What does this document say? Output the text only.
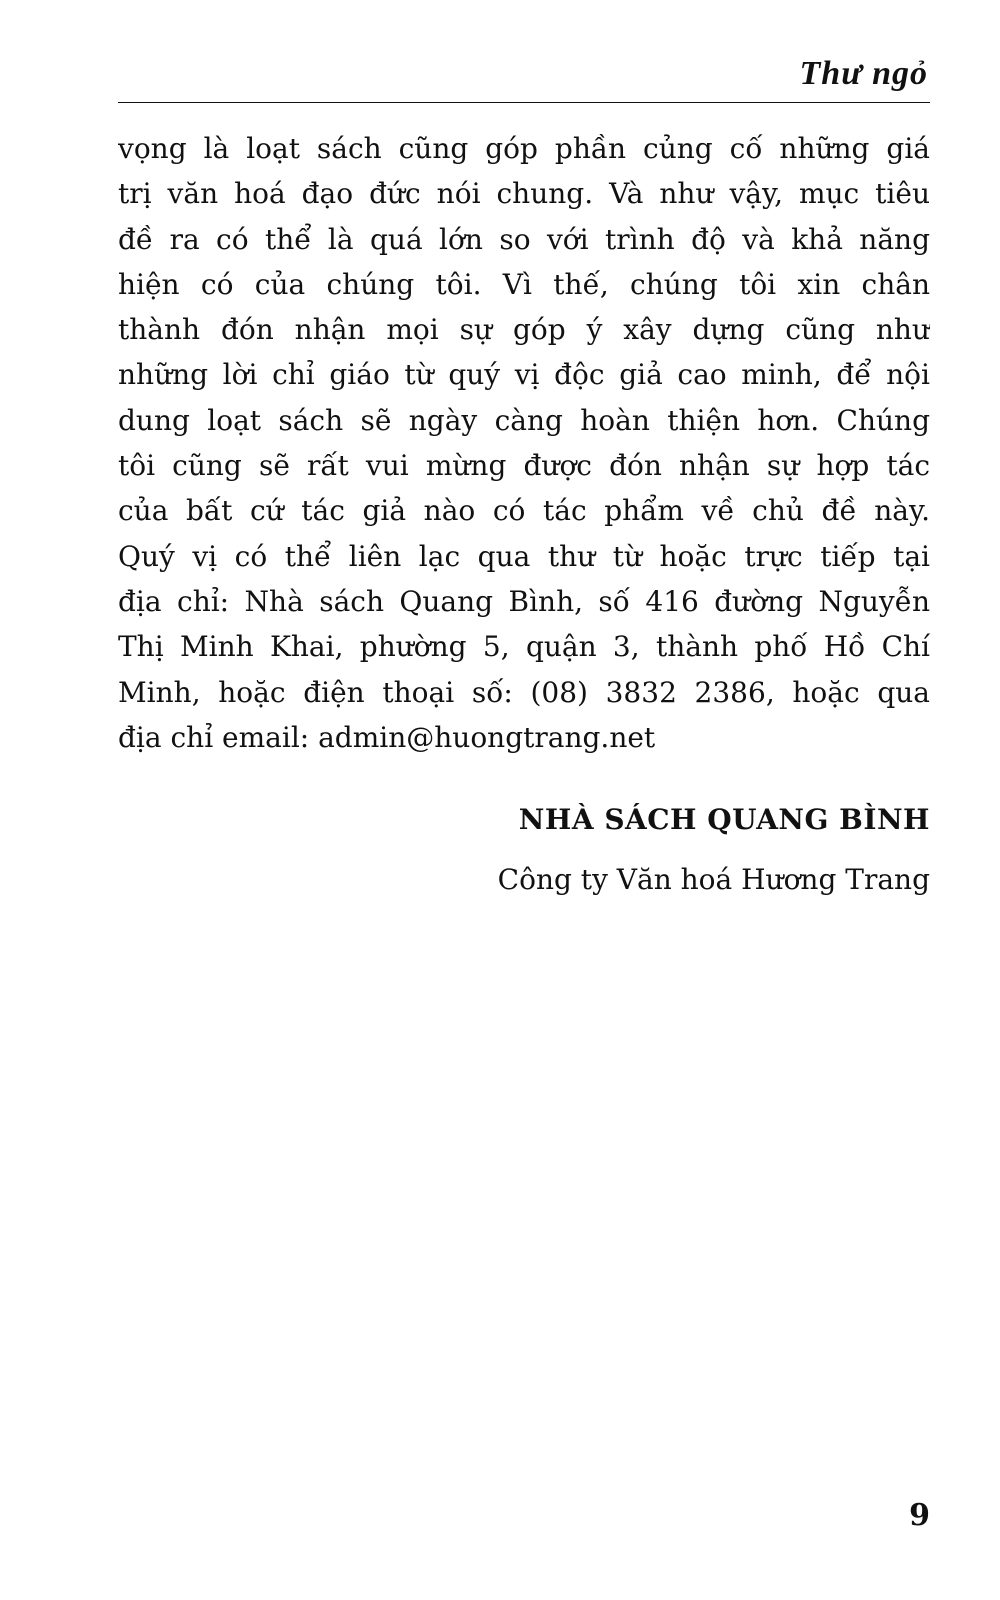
Thư ngỏ
vọng là loạt sách cũng góp phần củng cố những giá
trị văn hoá đạo đức nói chung. Và như vậy, mục tiêu
đề ra có thể là quá lớn so với trình độ và khả năng
hiện có của chúng tôi. Vì thế, chúng tôi xin chân
thành đón nhận mọi sự góp ý xây dựng cũng như
những lời chỉ giáo từ quý vị độc giả cao minh, để nội
dung loạt sách sẽ ngày càng hoàn thiện hơn. Chúng
tôi cũng sẽ rất vui mừng được đón nhận sự hợp tác
của bất cứ tác giả nào có tác phẩm về chủ đề này.
Quý vị có thể liên lạc qua thư từ hoặc trực tiếp tại
địa chỉ: Nhà sách Quang Bình, số 416 đường Nguyễn
Thị Minh Khai, phường 5, quận 3, thành phố Hồ Chí
Minh, hoặc điện thoại số: (08) 3832 2386, hoặc qua
địa chỉ email: admin@huongtrang.net
NHÀ SÁCH QUANG BÌNH
Công ty Văn hoá Hương Trang
9
